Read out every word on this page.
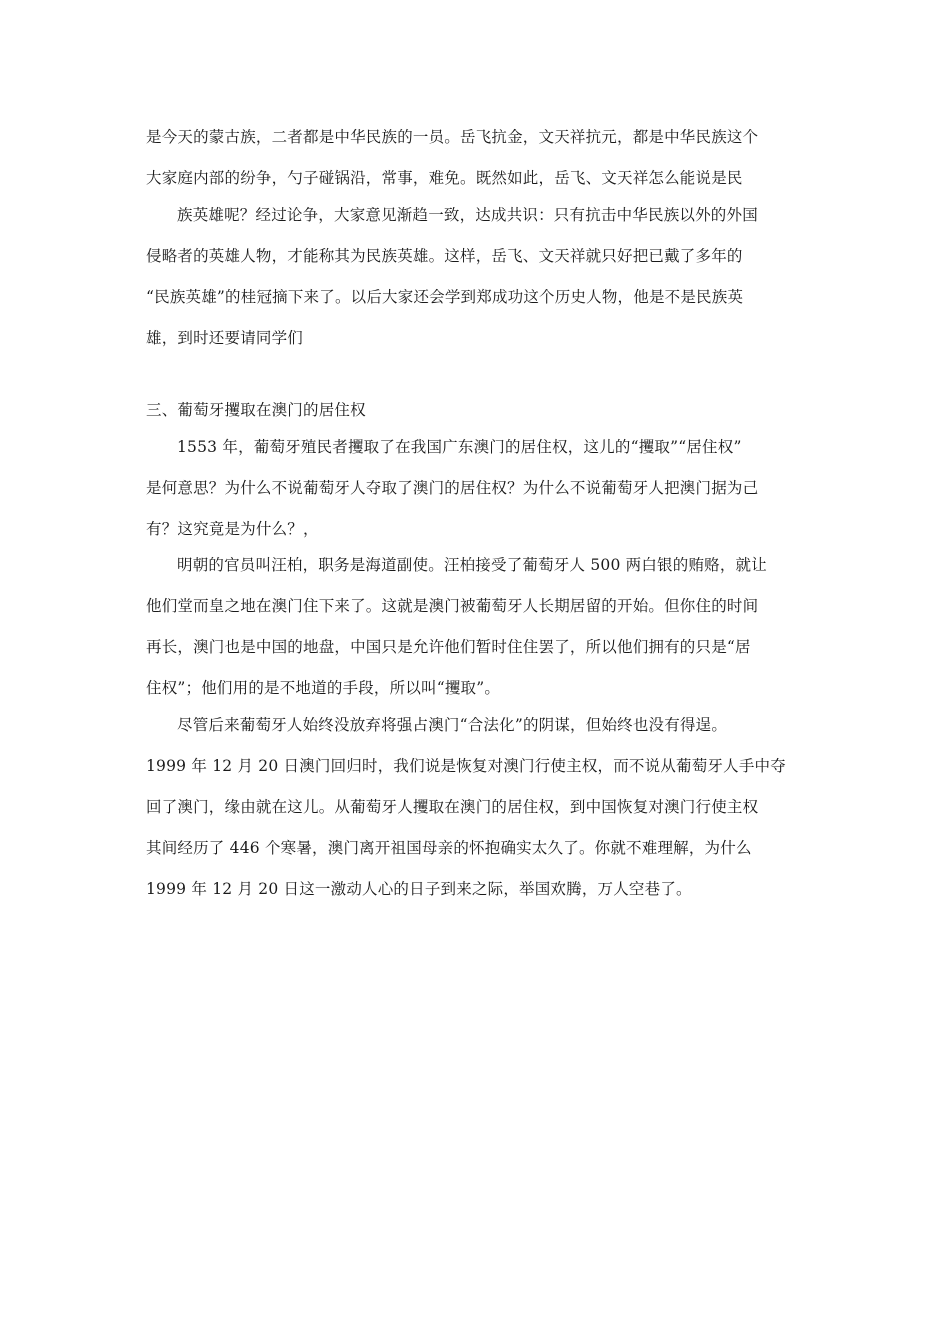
是今天的蒙古族，二者都是中华民族的一员。岳飞抗金，文天祥抗元，都是中华民族这个
大家庭内部的纷争，勺子碰锅沿，常事，难免。既然如此，岳飞、文天祥怎么能说是民
族英雄呢？经过论争，大家意见渐趋一致，达成共识：只有抗击中华民族以外的外国
侵略者的英雄人物，才能称其为民族英雄。这样，岳飞、文天祥就只好把已戴了多年的
“民族英雄”的桂冠摘下来了。以后大家还会学到郑成功这个历史人物，他是不是民族英
雄，到时还要请同学们
三、葡萄牙攫取在澳门的居住权
1553 年，葡萄牙殖民者攫取了在我国广东澳门的居住权，这儿的“攫取”“居住权”
是何意思？为什么不说葡萄牙人夺取了澳门的居住权？为什么不说葡萄牙人把澳门据为己
有？这究竟是为什么？，
明朝的官员叫汪柏，职务是海道副使。汪柏接受了葡萄牙人 500 两白银的贿赂，就让
他们堂而皇之地在澳门住下来了。这就是澳门被葡萄牙人长期居留的开始。但你住的时间
再长，澳门也是中国的地盘，中国只是允许他们暂时住住罢了，所以他们拥有的只是“居
住权”；他们用的是不地道的手段，所以叫“攫取”。
尽管后来葡萄牙人始终没放弃将强占澳门“合法化”的阴谋，但始终也没有得逞。
1999 年 12 月 20 日澳门回归时，我们说是恢复对澳门行使主权，而不说从葡萄牙人手中夺
回了澳门，缘由就在这儿。从葡萄牙人攫取在澳门的居住权，到中国恢复对澳门行使主权
其间经历了 446 个寒暑，澳门离开祖国母亲的怀抱确实太久了。你就不难理解，为什么
1999 年 12 月 20 日这一激动人心的日子到来之际，举国欢腾，万人空巷了。
